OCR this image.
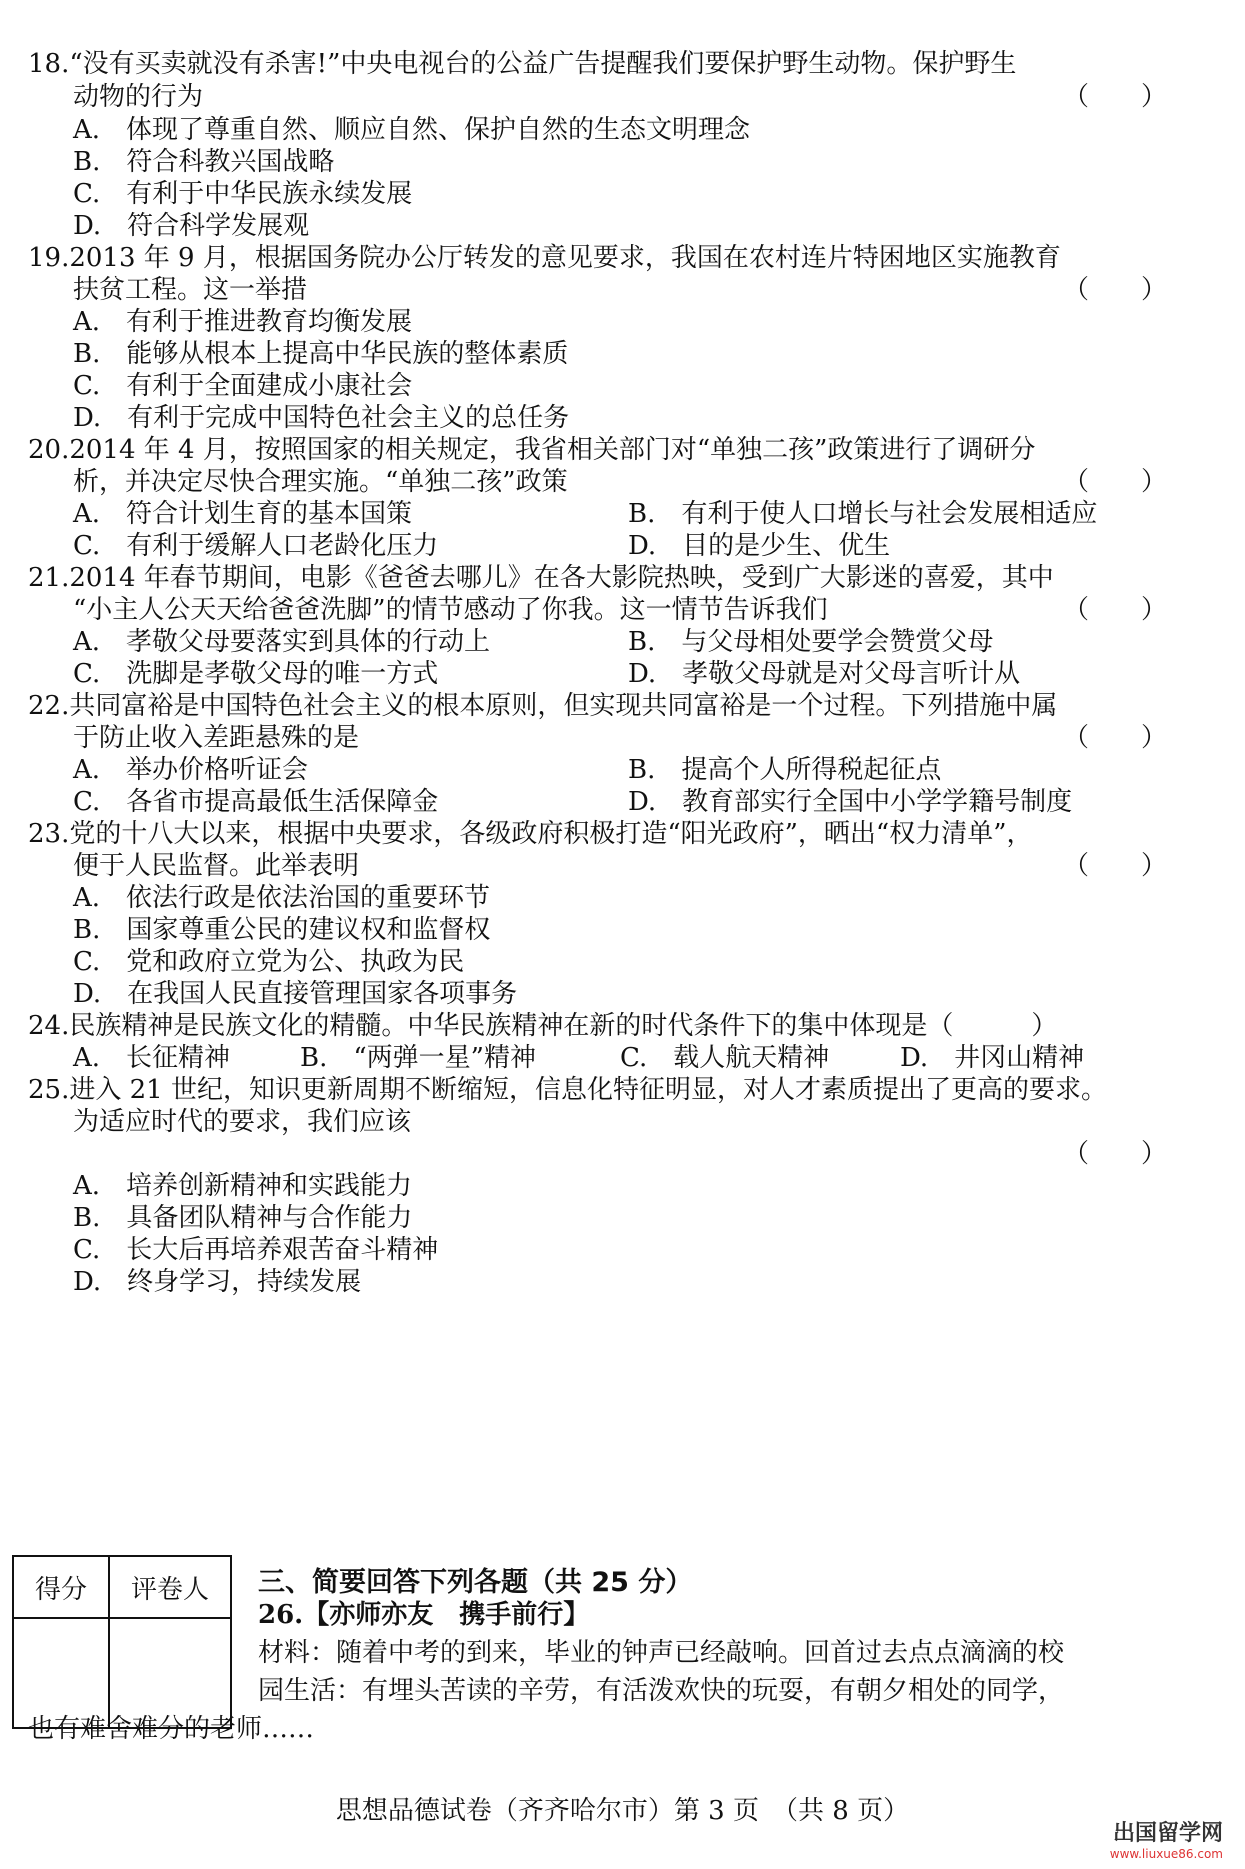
18.“没有买卖就没有杀害!”中央电视台的公益广告提醒我们要保护野生动物。保护野生
动物的行为	（　　）
A.　体现了尊重自然、顺应自然、保护自然的生态文明理念
B.　符合科教兴国战略
C.　有利于中华民族永续发展
D.　符合科学发展观
19.2013 年 9 月，根据国务院办公厅转发的意见要求，我国在农村连片特困地区实施教育
扶贫工程。这一举措	（　　）
A.　有利于推进教育均衡发展
B.　能够从根本上提高中华民族的整体素质
C.　有利于全面建成小康社会
D.　有利于完成中国特色社会主义的总任务
20.2014 年 4 月，按照国家的相关规定，我省相关部门对“单独二孩”政策进行了调研分
析，并决定尽快合理实施。“单独二孩”政策	（　　）
A.　符合计划生育的基本国策	B.　有利于使人口增长与社会发展相适应
C.　有利于缓解人口老龄化压力	D.　目的是少生、优生
21.2014 年春节期间，电影《爸爸去哪儿》在各大影院热映，受到广大影迷的喜爱，其中
“小主人公天天给爸爸洗脚”的情节感动了你我。这一情节告诉我们	（　　）
A.　孝敬父母要落实到具体的行动上	B.　与父母相处要学会赞赏父母
C.　洗脚是孝敬父母的唯一方式	D.　孝敬父母就是对父母言听计从
22.共同富裕是中国特色社会主义的根本原则，但实现共同富裕是一个过程。下列措施中属
于防止收入差距悬殊的是	（　　）
A.　举办价格听证会	B.　提高个人所得税起征点
C.　各省市提高最低生活保障金	D.　教育部实行全国中小学学籍号制度
23.党的十八大以来，根据中央要求，各级政府积极打造“阳光政府”，晒出“权力清单”，
便于人民监督。此举表明	（　　）
A.　依法行政是依法治国的重要环节
B.　国家尊重公民的建议权和监督权
C.　党和政府立党为公、执政为民
D.　在我国人民直接管理国家各项事务
24.民族精神是民族文化的精髓。中华民族精神在新的时代条件下的集中体现是（　　　）
A.　长征精神	B.　“两弹一星”精神	C.　载人航天精神	D.　井冈山精神
25.进入 21 世纪，知识更新周期不断缩短，信息化特征明显，对人才素质提出了更高的要求。
为适应时代的要求，我们应该
（　　）
A.　培养创新精神和实践能力
B.　具备团队精神与合作能力
C.　长大后再培养艰苦奋斗精神
D.　终身学习，持续发展
得分	评卷人
	三、简要回答下列各题（共 25 分）
26.【亦师亦友　携手前行】
材料：随着中考的到来，毕业的钟声已经敲响。回首过去点点滴滴的校
园生活：有埋头苦读的辛劳，有活泼欢快的玩耍，有朝夕相处的同学，
也有难舍难分的老师……
思想品德试卷（齐齐哈尔市）第 3 页　（共 8 页）
出国留学网
www.liuxue86.com
